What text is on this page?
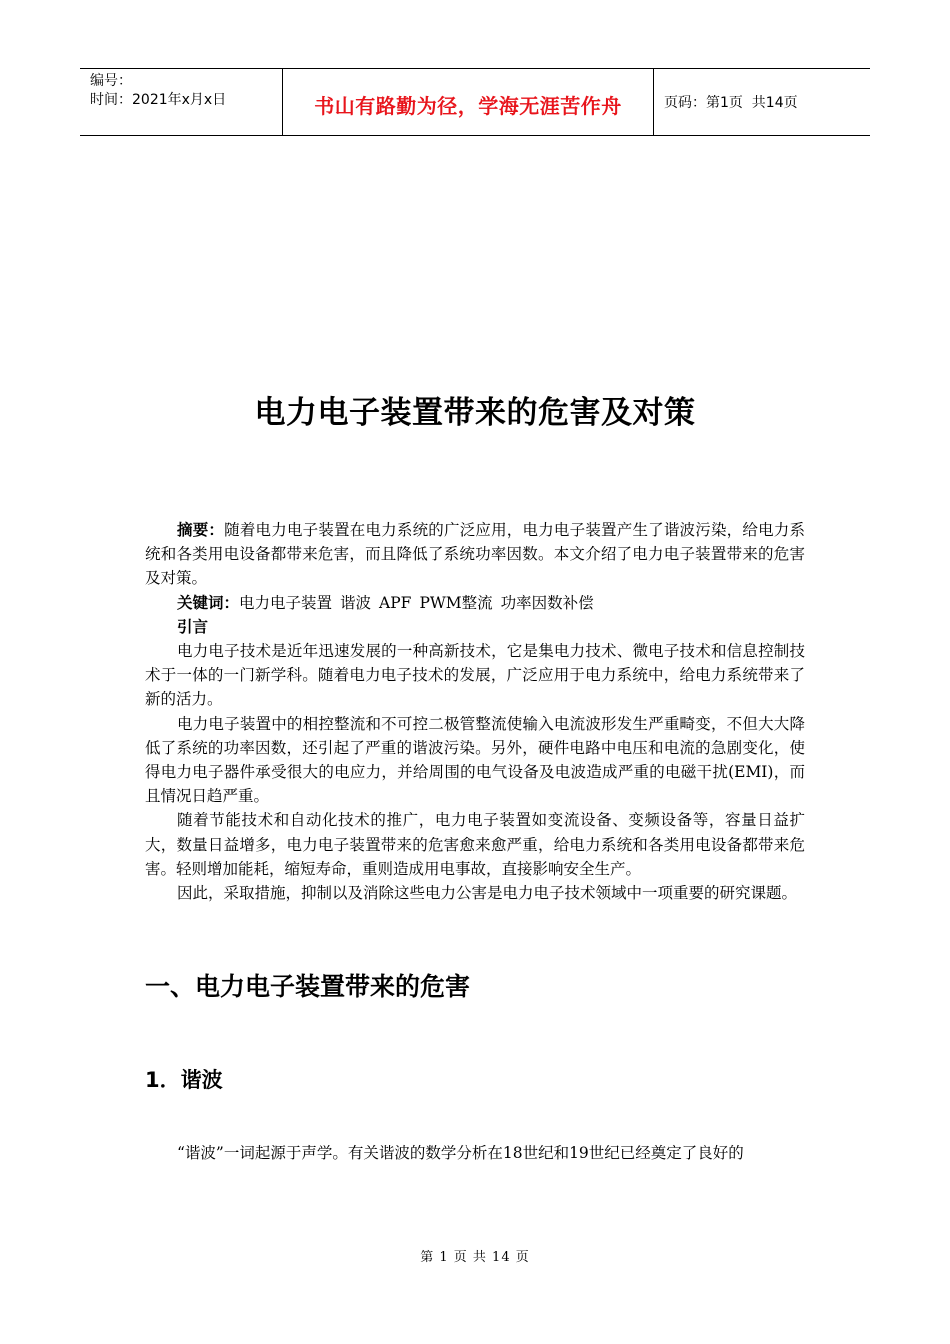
编号：
时间：2021年x月x日	书山有路勤为径，学海无涯苦作舟	页码：第1页  共14页
电力电子装置带来的危害及对策

摘要：随着电力电子装置在电力系统的广泛应用，电力电子装置产生了谐波污染，给电力系统和各类用电设备都带来危害，而且降低了系统功率因数。本文介绍了电力电子装置带来的危害及对策。

关键词：电力电子装置 谐波 APF PWM整流 功率因数补偿

引言

电力电子技术是近年迅速发展的一种高新技术，它是集电力技术、微电子技术和信息控制技术于一体的一门新学科。随着电力电子技术的发展，广泛应用于电力系统中，给电力系统带来了新的活力。

电力电子装置中的相控整流和不可控二极管整流使输入电流波形发生严重畸变，不但大大降低了系统的功率因数，还引起了严重的谐波污染。另外，硬件电路中电压和电流的急剧变化，使得电力电子器件承受很大的电应力，并给周围的电气设备及电波造成严重的电磁干扰(EMI)，而且情况日趋严重。

随着节能技术和自动化技术的推广，电力电子装置如变流设备、变频设备等，容量日益扩大，数量日益增多，电力电子装置带来的危害愈来愈严重，给电力系统和各类用电设备都带来危害。轻则增加能耗，缩短寿命，重则造成用电事故，直接影响安全生产。

因此，采取措施，抑制以及消除这些电力公害是电力电子技术领域中一项重要的研究课题。

一、电力电子装置带来的危害
1．谐波
“谐波”一词起源于声学。有关谐波的数学分析在18世纪和19世纪已经奠定了良好的
第 1 页 共 14 页
